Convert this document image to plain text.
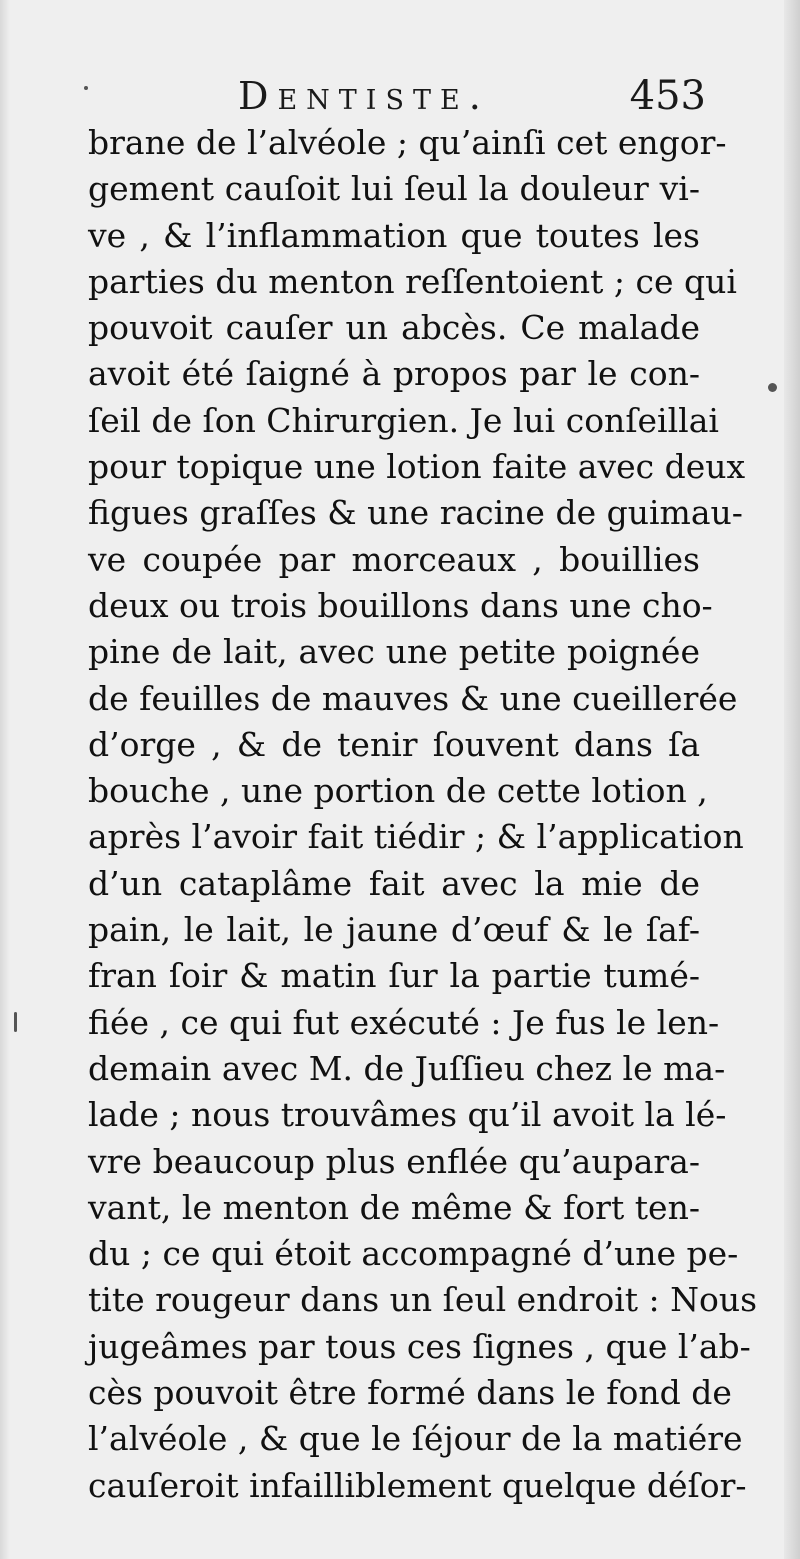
Dentiste.	453
brane de l’alvéole ; qu’ainſi cet engor-
gement cauſoit lui ſeul la douleur vi-
ve , & l’inflammation que toutes les
parties du menton reſſentoient ; ce qui
pouvoit cauſer un abcès. Ce malade
avoit été ſaigné à propos par le con-
ſeil de ſon Chirurgien. Je lui conſeillai
pour topique une lotion faite avec deux
figues graſſes & une racine de guimau-
ve coupée par morceaux , bouillies
deux ou trois bouillons dans une cho-
pine de lait, avec une petite poignée
de feuilles de mauves & une cueillerée
d’orge , & de tenir ſouvent dans ſa
bouche , une portion de cette lotion ,
après l’avoir fait tiédir ; & l’application
d’un cataplâme fait avec la mie de
pain, le lait, le jaune d’œuf & le ſaf-
fran ſoir & matin ſur la partie tumé-
fiée , ce qui fut exécuté : Je fus le len-
demain avec M. de Juſſieu chez le ma-
lade ; nous trouvâmes qu’il avoit la lé-
vre beaucoup plus enflée qu’aupara-
vant, le menton de même & fort ten-
du ; ce qui étoit accompagné d’une pe-
tite rougeur dans un ſeul endroit : Nous
jugeâmes par tous ces ſignes , que l’ab-
cès pouvoit être formé dans le fond de
l’alvéole , & que le ſéjour de la matiére
cauſeroit infailliblement quelque déſor-
